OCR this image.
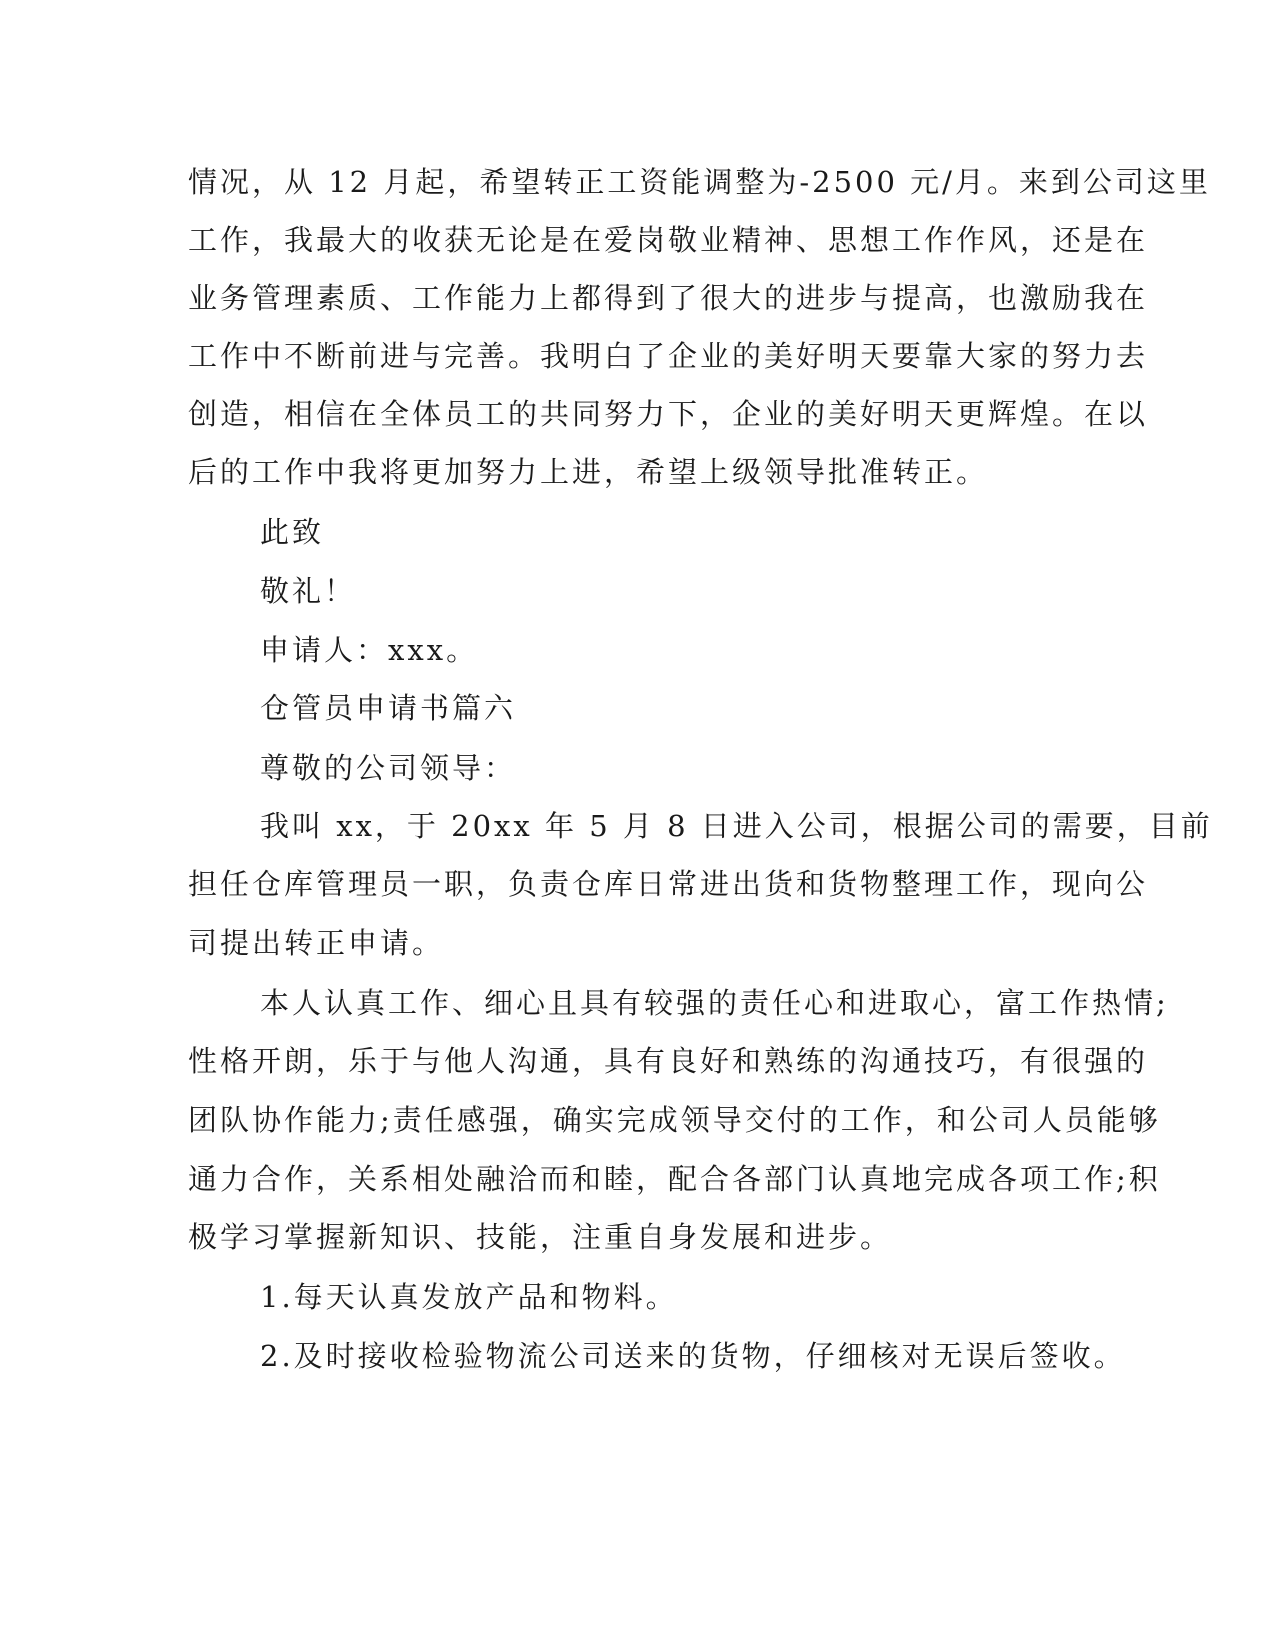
情况，从 12 月起，希望转正工资能调整为-2500 元/月。来到公司这里
工作，我最大的收获无论是在爱岗敬业精神、思想工作作风，还是在
业务管理素质、工作能力上都得到了很大的进步与提高，也激励我在
工作中不断前进与完善。我明白了企业的美好明天要靠大家的努力去
创造，相信在全体员工的共同努力下，企业的美好明天更辉煌。在以
后的工作中我将更加努力上进，希望上级领导批准转正。
此致
敬礼！
申请人：xxx。
仓管员申请书篇六
尊敬的公司领导：
我叫 xx，于 20xx 年 5 月 8 日进入公司，根据公司的需要，目前
担任仓库管理员一职，负责仓库日常进出货和货物整理工作，现向公
司提出转正申请。
本人认真工作、细心且具有较强的责任心和进取心，富工作热情;
性格开朗，乐于与他人沟通，具有良好和熟练的沟通技巧，有很强的
团队协作能力;责任感强，确实完成领导交付的工作，和公司人员能够
通力合作，关系相处融洽而和睦，配合各部门认真地完成各项工作;积
极学习掌握新知识、技能，注重自身发展和进步。
1.每天认真发放产品和物料。
2.及时接收检验物流公司送来的货物，仔细核对无误后签收。
